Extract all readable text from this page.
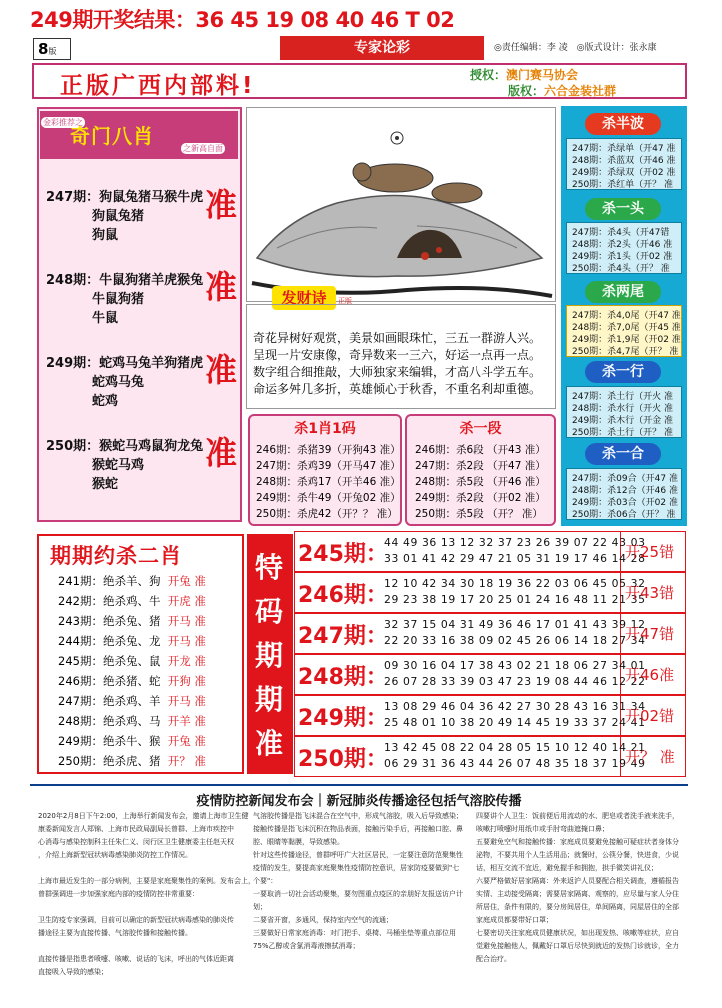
249期开奖结果：36 45 19 08 40 46 T 02
8版	专家论彩	◎责任编辑：李 凌　◎版式设计：张永康
正版广西内部料!	授权：澳门赛马协会
版权：六合金装社群
金彩推荐之
奇门八肖
之新高自面
247期：狗鼠兔猪马猴牛虎
狗鼠兔猪
狗鼠
准
248期：牛鼠狗猪羊虎猴兔
牛鼠狗猪
牛鼠
准
249期：蛇鸡马兔羊狗猪虎
蛇鸡马兔
蛇鸡
准
250期：猴蛇马鸡鼠狗龙兔
猴蛇马鸡
猴蛇
准
发财诗	正版
奇花异树好观赏，美景如画眼珠忙，三五一群游人兴。
呈现一片安康像，奇异数来一三六，好运一点再一点。
数字组合细推敲，大师独家来编辑，才高八斗学五车。
命运多舛几多折，英雄倾心于秋香，不重名利却重德。
杀1肖1码
246期：杀猪39（开狗43 准）
247期：杀鸡39（开马47 准）
248期：杀鸡17（开羊46 准）
249期：杀牛49（开兔02 准）
250期：杀虎42（开？？ 准）
杀一段
246期：杀6段 （开43 准）
247期：杀2段 （开47 准）
248期：杀5段 （开46 准）
249期：杀2段 （开02 准）
250期：杀5段 （开？ 准）
杀半波
247期：杀绿单（开47 准
248期：杀蓝双（开46 准
249期：杀绿双（开02 准
250期：杀红单（开？ 准
杀一头
247期：杀4头（开47错
248期：杀2头（开46 准
249期：杀1头（开02 准
250期：杀4头（开？ 准
杀两尾
247期：杀4,0尾（开47 准
248期：杀7,0尾（开45 准
249期：杀1,9尾（开02 准
250期：杀4,7尾（开？ 准
杀一行
247期：杀土行（开火 准
248期：杀水行（开火 准
249期：杀木行（开金 准
250期：杀土行（开？ 准
杀一合
247期：杀09合（开47 准
248期：杀12合（开46 准
249期：杀03合（开02 准
250期：杀06合（开？ 准
期期约杀二肖
241期：绝杀羊、狗 开兔 准
242期：绝杀鸡、牛 开虎 准
243期：绝杀兔、猪 开马 准
244期：绝杀兔、龙 开马 准
245期：绝杀兔、鼠 开龙 准
246期：绝杀猪、蛇 开狗 准
247期：绝杀鸡、羊 开马 准
248期：绝杀鸡、马 开羊 准
249期：绝杀牛、猴 开兔 准
250期：绝杀虎、猪 开？ 准
特
码
期
期
准
245期：
44 49 36 13 12 32 37 23 26 39 07 22 43 03
33 01 41 42 29 47 21 05 31 19 17 46 14 28
开25错
246期：
12 10 42 34 30 18 19 36 22 03 06 45 05 32
29 23 38 19 17 20 25 01 24 16 48 11 21 35
开43错
247期：
32 37 15 04 31 49 36 46 17 01 41 43 39 12
22 20 33 16 38 09 02 45 26 06 14 18 27 34
开47错
248期：
09 30 16 04 17 38 43 02 21 18 06 27 34 01
26 07 28 33 39 03 47 23 19 08 44 46 12 22
开46准
249期：
13 08 29 46 04 36 42 27 30 28 43 16 31 34
25 48 01 10 38 20 49 14 45 19 33 37 24 41
开02错
250期：
13 42 45 08 22 04 28 05 15 10 12 40 14 21
06 29 31 36 43 44 26 07 48 35 18 37 19 49
开？ 准
疫情防控新闻发布会｜新冠肺炎传播途径包括气溶胶传播
2020年2月8日下午2:00，上海举行新闻发布会，邀请上海市卫生健
康委新闻发言人郑锦、上海市民政局副局长曾群、上海市疾控中
心消毒与感染控制科主任朱仁义、闵行区卫生健康委主任赵天权
，介绍上海新型冠状病毒感染肺炎防控工作情况。
上海市最近发生的一部分病例，主要是家庭聚集性的案例。发布会上，
曾群强调进一步加强家庭内部的疫情防控非常重要：
卫生防疫专家强调，目前可以确定的新型冠状病毒感染的肺炎传
播途径主要为直接传播、气溶胶传播和接触传播。
直接传播是指患者喷嚏、咳嗽、说话的飞沫，呼出的气体近距离
直接吸入导致的感染；
气溶胶传播是指飞沫混合在空气中，形成气溶胶，吸入后导致感染；
接触传播是指飞沫沉积在物品表面，接触污染手后，再接触口腔、鼻
腔、眼睛等黏膜，导致感染。
针对这些传播途径，曾群呼吁广大社区居民，一定要注意防范聚集性
疫情的发生，要提高家庭聚集性疫情防控意识，居家防疫要做到"七
个要"：
一要取消一切社会活动聚集，要勿图重点疫区的亲朋好友报送访户计
划；
二要省开窗，多通风，保持室内空气的流通；
三要做好日常家庭消毒：对门把手、桌椅、马桶坐垫等重点部位用
75%乙醇或含氯消毒液擦拭消毒；
四要讲个人卫生：饭前便后用流动的水、肥皂或者洗手液来洗手，
咳嗽打喷嚏时用纸巾或手肘弯曲遮掩口鼻；
五要避免空气和接触传播：家庭成员要避免接触可疑症状者身体分
泌物，不要共用个人生活用品；就餐时，公筷分餐，快进食，少说
话，相互交流不宜近，避免握手和拥抱，拱手微笑讲礼仪；
六要严格做好居家隔离：外来返沪人员要配合相关调查，遵循报告
实情、主动接受隔离；需要居家隔离、观察的，应尽量与家人分住
所居住，条件有限的，要分房间居住，单间隔离，同屋居住的全部
家庭成员都要带好口罩；
七要密切关注家庭成员健康状况，如出现发热、咳嗽等症状，应自
觉避免接触他人，佩戴好口罩后尽快到就近的发热门诊就诊，全力
配合治疗。
